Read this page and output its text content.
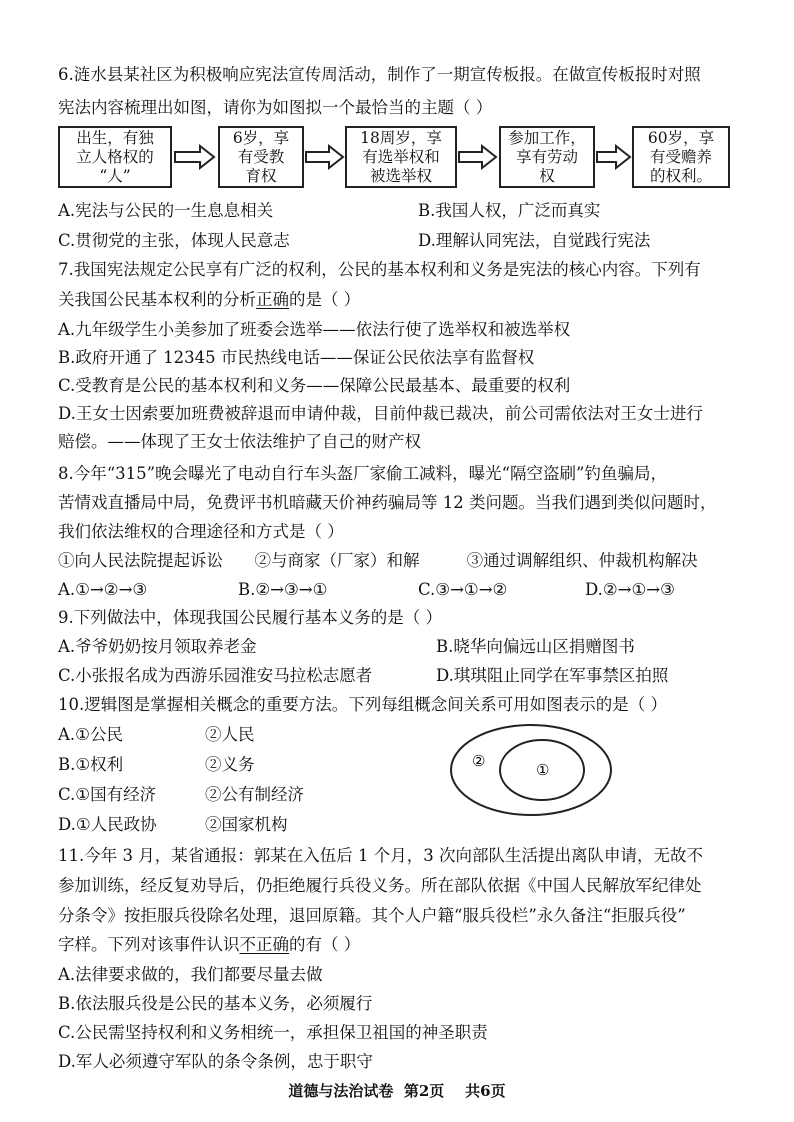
6.涟水县某社区为积极响应宪法宣传周活动，制作了一期宣传板报。在做宣传板报时对照
宪法内容梳理出如图，请你为如图拟一个最恰当的主题（ ）
出生，有独
立人格权的
“人”
6岁，享
有受教
育权
18周岁，享
有选举权和
被选举权
参加工作，
享有劳动
权
60岁，享
有受赡养
的权利。
A.宪法与公民的一生息息相关	B.我国人权，广泛而真实
C.贯彻党的主张，体现人民意志	D.理解认同宪法，自觉践行宪法
7.我国宪法规定公民享有广泛的权利，公民的基本权利和义务是宪法的核心内容。下列有
关我国公民基本权利的分析正确的是（ ）
A.九年级学生小美参加了班委会选举——依法行使了选举权和被选举权
B.政府开通了 12345 市民热线电话——保证公民依法享有监督权
C.受教育是公民的基本权利和义务——保障公民最基本、最重要的权利
D.王女士因索要加班费被辞退而申请仲裁，目前仲裁已裁决，前公司需依法对王女士进行
赔偿。——体现了王女士依法维护了自己的财产权
8.今年“315”晚会曝光了电动自行车头盔厂家偷工减料，曝光“隔空盗刷”钓鱼骗局，
苦情戏直播局中局，免费评书机暗藏天价神药骗局等 12 类问题。当我们遇到类似问题时，
我们依法维权的合理途径和方式是（ ）
①向人民法院提起诉讼      ②与商家（厂家）和解         ③通过调解组织、仲裁机构解决
A.①→②→③	B.②→③→①	C.③→①→②	D.②→①→③
9.下列做法中，体现我国公民履行基本义务的是（ ）
A.爷爷奶奶按月领取养老金	B.晓华向偏远山区捐赠图书
C.小张报名成为西游乐园淮安马拉松志愿者	D.琪琪阻止同学在军事禁区拍照
10.逻辑图是掌握相关概念的重要方法。下列每组概念间关系可用如图表示的是（ ）
A.①公民	②人民
B.①权利	②义务
C.①国有经济	②公有制经济
D.①人民政协	②国家机构
②	①
11.今年 3 月，某省通报：郭某在入伍后 1 个月，3 次向部队生活提出离队申请，无故不
参加训练，经反复劝导后，仍拒绝履行兵役义务。所在部队依据《中国人民解放军纪律处
分条令》按拒服兵役除名处理，退回原籍。其个人户籍“服兵役栏”永久备注“拒服兵役”
字样。下列对该事件认识不正确的有（ ）
A.法律要求做的，我们都要尽量去做
B.依法服兵役是公民的基本义务，必须履行
C.公民需坚持权利和义务相统一，承担保卫祖国的神圣职责
D.军人必须遵守军队的条令条例，忠于职守
道德与法治试卷  第2页    共6页
